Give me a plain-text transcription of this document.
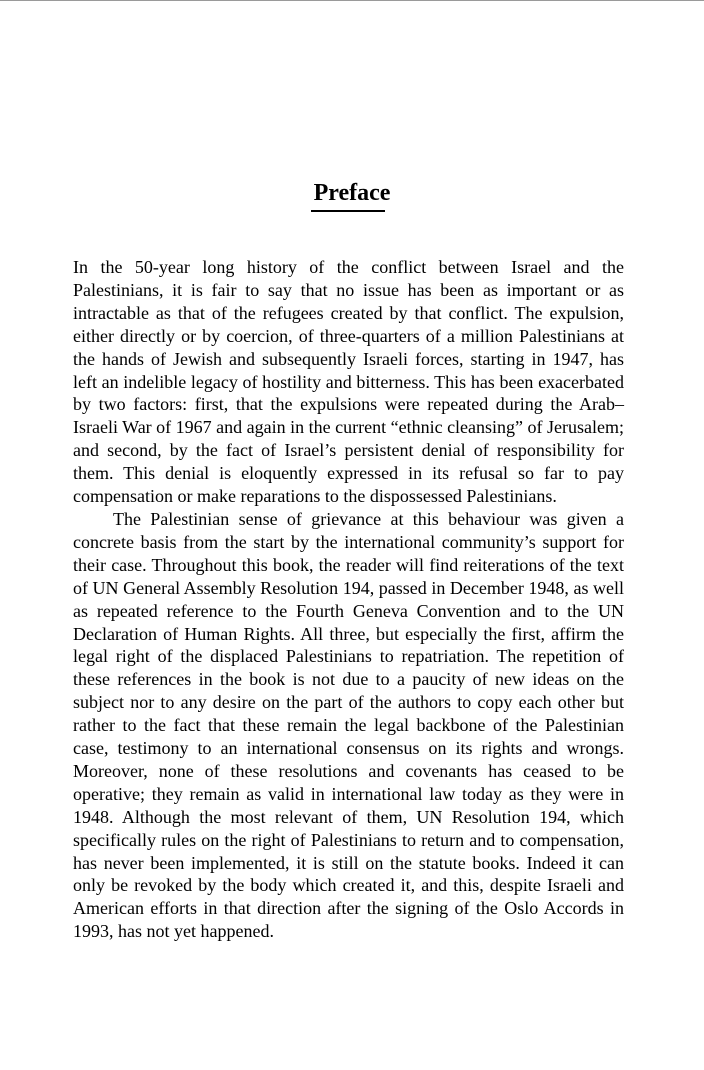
Preface

In the 50-year long history of the conflict between Israel and the Palestinians, it is fair to say that no issue has been as important or as intractable as that of the refugees created by that conflict. The expulsion, either directly or by coercion, of three-quarters of a million Palestinians at the hands of Jewish and subsequently Israeli forces, starting in 1947, has left an indelible legacy of hostility and bitterness. This has been exacerbated by two factors: first, that the expulsions were repeated during the Arab–Israeli War of 1967 and again in the current “ethnic cleansing” of Jerusalem; and second, by the fact of Israel’s persistent denial of responsibility for them. This denial is eloquently expressed in its refusal so far to pay compensation or make reparations to the dispossessed Palestinians.

The Palestinian sense of grievance at this behaviour was given a concrete basis from the start by the international community’s support for their case. Throughout this book, the reader will find reiterations of the text of UN General Assembly Resolution 194, passed in December 1948, as well as repeated reference to the Fourth Geneva Convention and to the UN Declaration of Human Rights. All three, but especially the first, affirm the legal right of the displaced Palestinians to repatriation. The repetition of these references in the book is not due to a paucity of new ideas on the subject nor to any desire on the part of the authors to copy each other but rather to the fact that these remain the legal backbone of the Palestinian case, testimony to an international consensus on its rights and wrongs. Moreover, none of these resolutions and covenants has ceased to be operative; they remain as valid in international law today as they were in 1948. Although the most relevant of them, UN Resolution 194, which specifically rules on the right of Palestinians to return and to compensation, has never been implemented, it is still on the statute books. Indeed it can only be revoked by the body which created it, and this, despite Israeli and American efforts in that direction after the signing of the Oslo Accords in 1993, has not yet happened.
